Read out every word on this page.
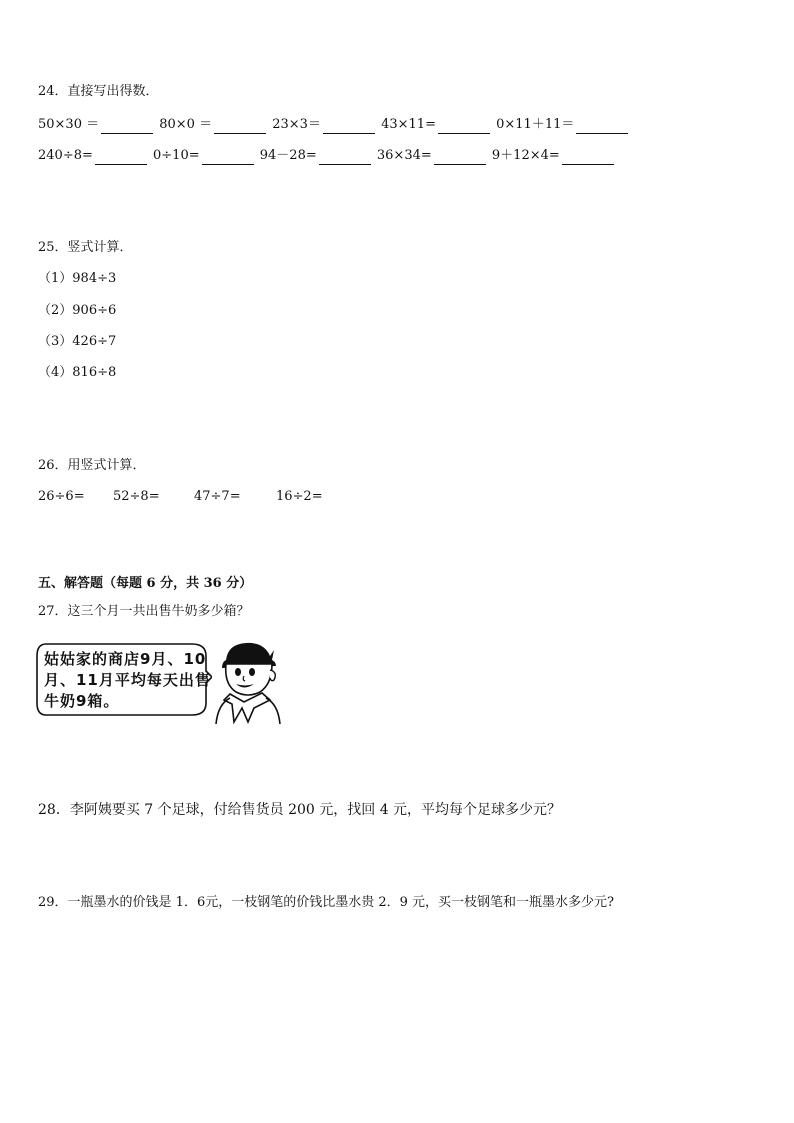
24．直接写出得数．
50×30 ＝	80×0 ＝	23×3＝	43×11=	0×11＋11＝
240÷8=	0÷10=	94－28=	36×34=	9＋12×4=
25．竖式计算．
（1）984÷3
（2）906÷6
（3）426÷7
（4）816÷8
26．用竖式计算．
26÷6= 52÷8=	47÷7=	16÷2=
五、解答题（每题 6 分，共 36 分）
27．这三个月一共出售牛奶多少箱？
姑姑家的商店9月、10月、11月平均每天出售牛奶9箱。
28．李阿姨要买 7 个足球，付给售货员 200 元，找回 4 元，平均每个足球多少元？
29．一瓶墨水的价钱是 1．6元，一枝钢笔的价钱比墨水贵 2．9 元，买一枝钢笔和一瓶墨水多少元?
